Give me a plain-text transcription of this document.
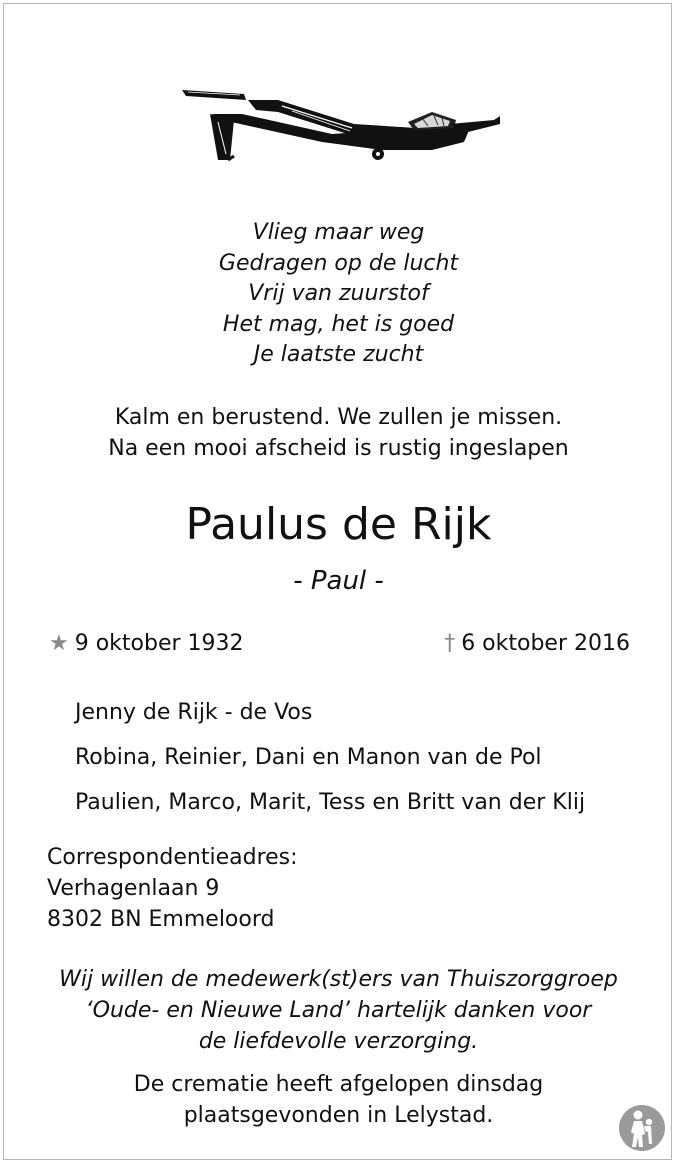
Vlieg maar weg
Gedragen op de lucht
Vrij van zuurstof
Het mag, het is goed
Je laatste zucht
Kalm en berustend. We zullen je missen.
Na een mooi afscheid is rustig ingeslapen
Paulus de Rijk
- Paul -
★ 9 oktober 1932	† 6 oktober 2016
Jenny de Rijk - de Vos
Robina, Reinier, Dani en Manon van de Pol
Paulien, Marco, Marit, Tess en Britt van der Klij
Correspondentieadres:
Verhagenlaan 9
8302 BN Emmeloord
Wij willen de medewerk(st)ers van Thuiszorggroep
‘Oude- en Nieuwe Land’ hartelijk danken voor
de liefdevolle verzorging.
De crematie heeft afgelopen dinsdag
plaatsgevonden in Lelystad.
